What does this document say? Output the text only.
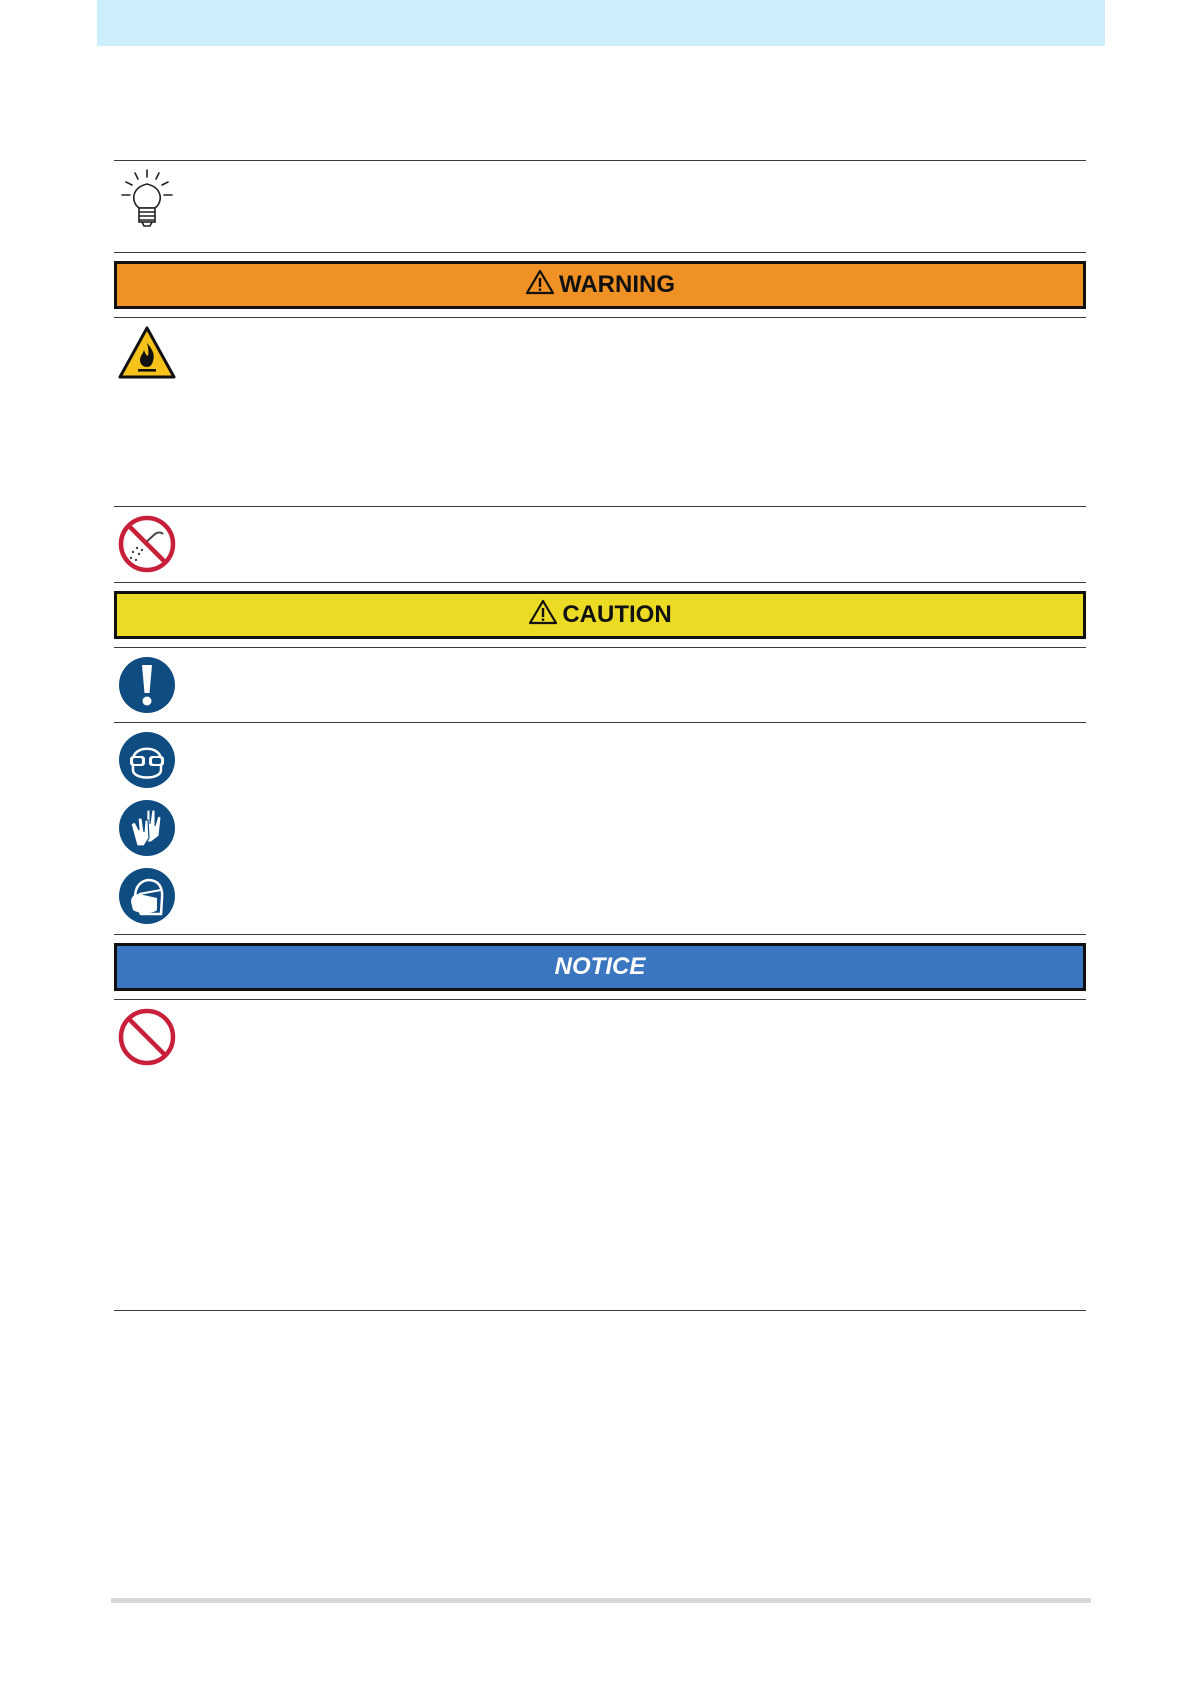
WARNING
CAUTION
NOTICE
